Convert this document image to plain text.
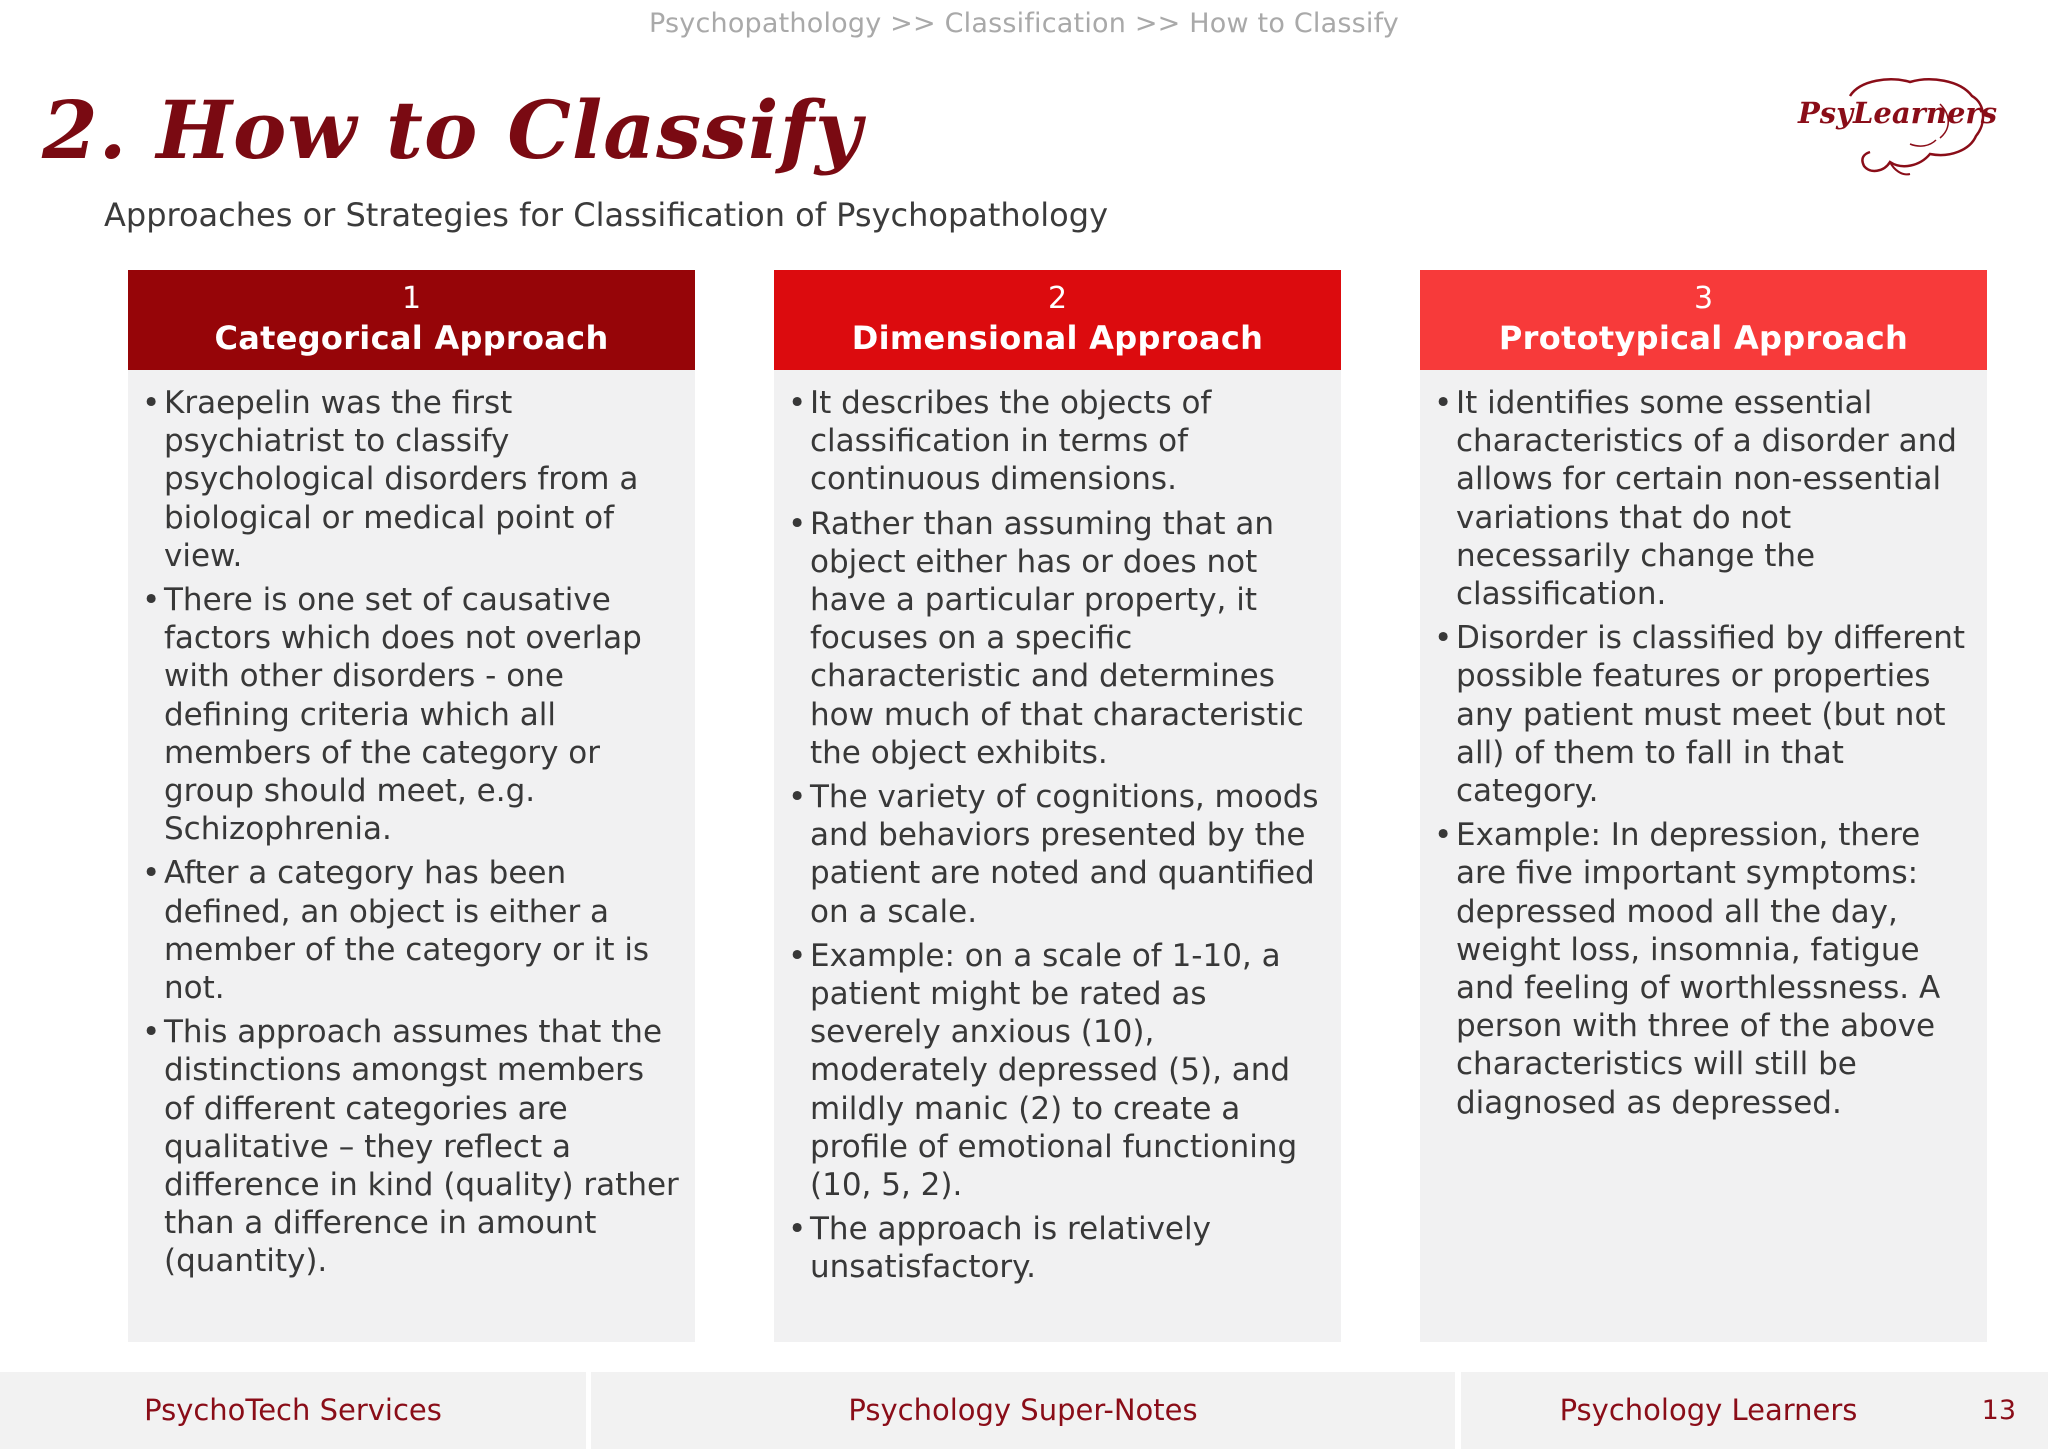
Psychopathology >> Classification >> How to Classify
2. How to Classify
Approaches or Strategies for Classification of Psychopathology
PsyLearners
1
Categorical Approach
• Kraepelin was the first psychiatrist to classify psychological disorders from a biological or medical point of view.
• There is one set of causative factors which does not overlap with other disorders - one defining criteria which all members of the category or group should meet, e.g. Schizophrenia.
• After a category has been defined, an object is either a member of the category or it is not.
• This approach assumes that the distinctions amongst members of different categories are qualitative – they reflect a difference in kind (quality) rather than a difference in amount (quantity).
2
Dimensional Approach
• It describes the objects of classification in terms of continuous dimensions.
• Rather than assuming that an object either has or does not have a particular property, it focuses on a specific characteristic and determines how much of that characteristic the object exhibits.
• The variety of cognitions, moods and behaviors presented by the patient are noted and quantified on a scale.
• Example: on a scale of 1-10, a patient might be rated as severely anxious (10), moderately depressed (5), and mildly manic (2) to create a profile of emotional functioning (10, 5, 2).
• The approach is relatively unsatisfactory.
3
Prototypical Approach
• It identifies some essential characteristics of a disorder and allows for certain non-essential variations that do not necessarily change the classification.
• Disorder is classified by different possible features or properties any patient must meet (but not all) of them to fall in that category.
• Example: In depression, there are five important symptoms: depressed mood all the day, weight loss, insomnia, fatigue and feeling of worthlessness. A person with three of the above characteristics will still be diagnosed as depressed.
PsychoTech Services	Psychology Super-Notes	Psychology Learners	13
